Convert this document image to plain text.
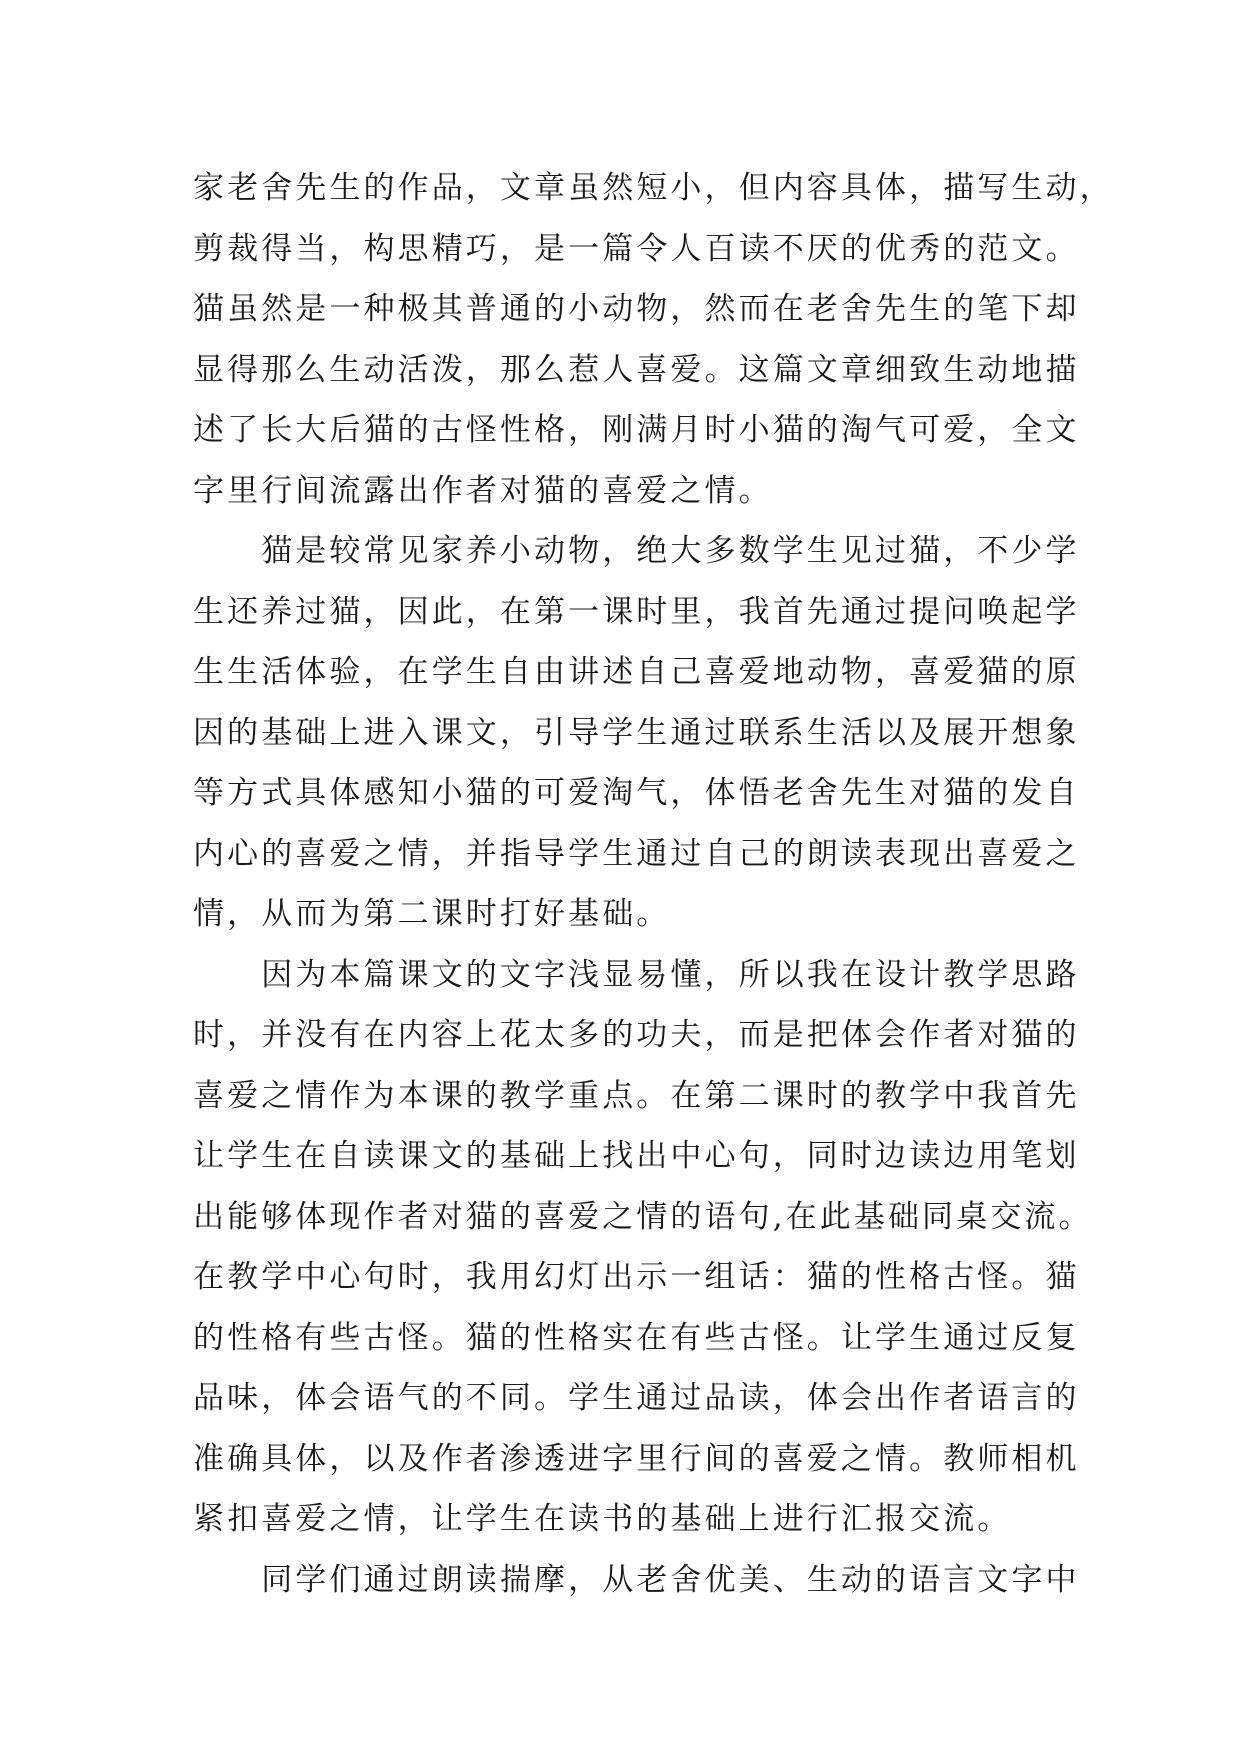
家老舍先生的作品，文章虽然短小，但内容具体，描写生动，
剪裁得当，构思精巧，是一篇令人百读不厌的优秀的范文。
猫虽然是一种极其普通的小动物，然而在老舍先生的笔下却
显得那么生动活泼，那么惹人喜爱。这篇文章细致生动地描
述了长大后猫的古怪性格，刚满月时小猫的淘气可爱，全文
字里行间流露出作者对猫的喜爱之情。
　　猫是较常见家养小动物，绝大多数学生见过猫，不少学
生还养过猫，因此，在第一课时里，我首先通过提问唤起学
生生活体验，在学生自由讲述自己喜爱地动物，喜爱猫的原
因的基础上进入课文，引导学生通过联系生活以及展开想象
等方式具体感知小猫的可爱淘气，体悟老舍先生对猫的发自
内心的喜爱之情，并指导学生通过自己的朗读表现出喜爱之
情，从而为第二课时打好基础。
　　因为本篇课文的文字浅显易懂，所以我在设计教学思路
时，并没有在内容上花太多的功夫，而是把体会作者对猫的
喜爱之情作为本课的教学重点。在第二课时的教学中我首先
让学生在自读课文的基础上找出中心句，同时边读边用笔划
出能够体现作者对猫的喜爱之情的语句,在此基础同桌交流。
在教学中心句时，我用幻灯出示一组话：猫的性格古怪。猫
的性格有些古怪。猫的性格实在有些古怪。让学生通过反复
品味，体会语气的不同。学生通过品读，体会出作者语言的
准确具体，以及作者渗透进字里行间的喜爱之情。教师相机
紧扣喜爱之情，让学生在读书的基础上进行汇报交流。
　　同学们通过朗读揣摩，从老舍优美、生动的语言文字中
